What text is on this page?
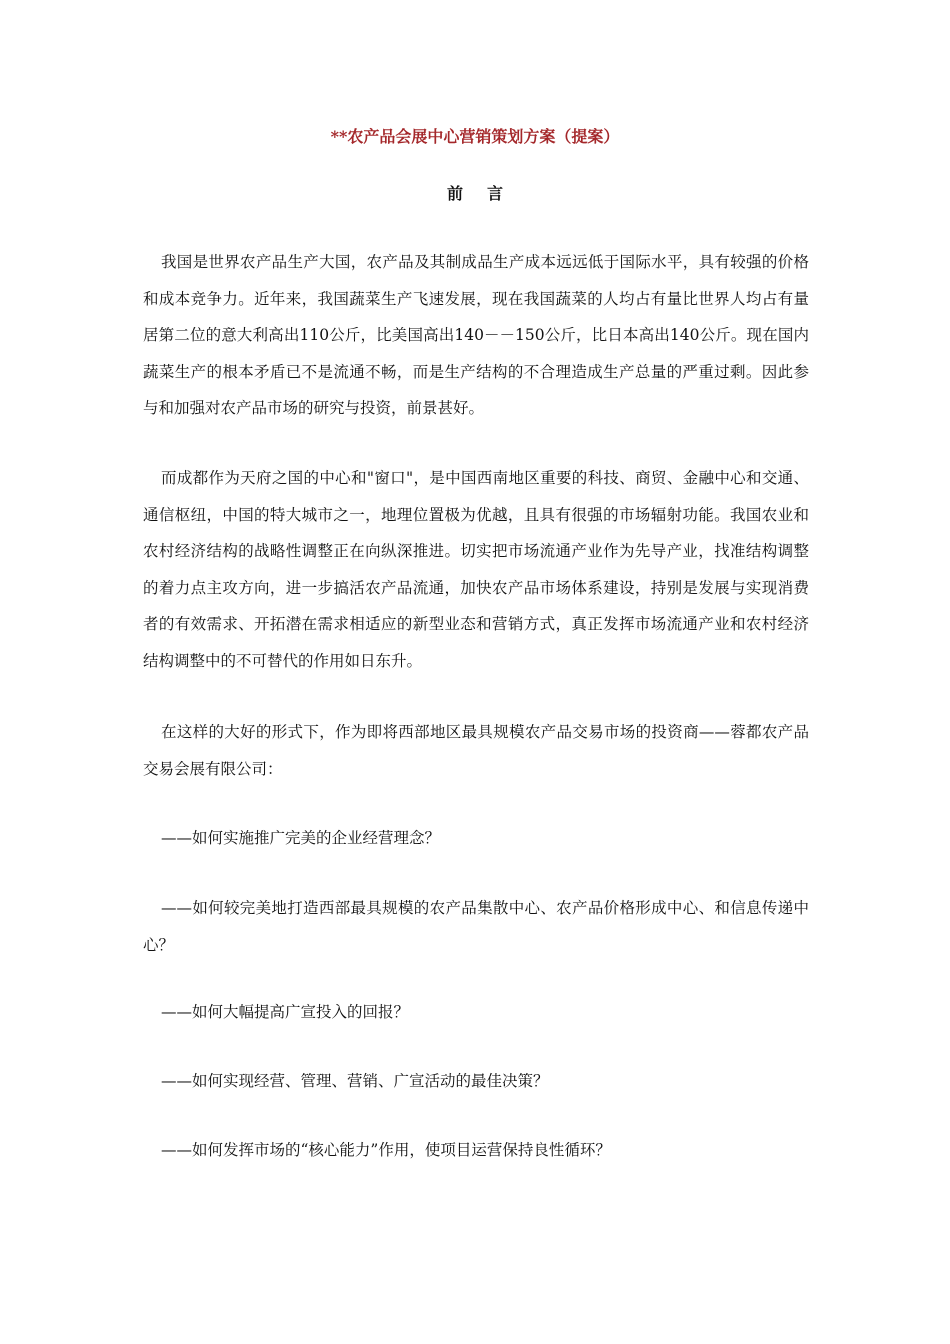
**农产品会展中心营销策划方案（提案）
前言

我国是世界农产品生产大国，农产品及其制成品生产成本远远低于国际水平，具有较强的价格和成本竞争力。近年来，我国蔬菜生产飞速发展，现在我国蔬菜的人均占有量比世界人均占有量居第二位的意大利高出110公斤，比美国高出140－－150公斤，比日本高出140公斤。现在国内蔬菜生产的根本矛盾已不是流通不畅，而是生产结构的不合理造成生产总量的严重过剩。因此参与和加强对农产品市场的研究与投资，前景甚好。

而成都作为天府之国的中心和"窗口"，是中国西南地区重要的科技、商贸、金融中心和交通、通信枢纽，中国的特大城市之一，地理位置极为优越，且具有很强的市场辐射功能。我国农业和农村经济结构的战略性调整正在向纵深推进。切实把市场流通产业作为先导产业，找准结构调整的着力点主攻方向，进一步搞活农产品流通，加快农产品市场体系建设，持别是发展与实现消费者的有效需求、开拓潜在需求相适应的新型业态和营销方式，真正发挥市场流通产业和农村经济结构调整中的不可替代的作用如日东升。

在这样的大好的形式下，作为即将西部地区最具规模农产品交易市场的投资商——蓉都农产品交易会展有限公司：

——如何实施推广完美的企业经营理念？

——如何较完美地打造西部最具规模的农产品集散中心、农产品价格形成中心、和信息传递中心？

——如何大幅提高广宣投入的回报？

——如何实现经营、管理、营销、广宣活动的最佳决策？

——如何发挥市场的“核心能力”作用，使项目运营保持良性循环？
